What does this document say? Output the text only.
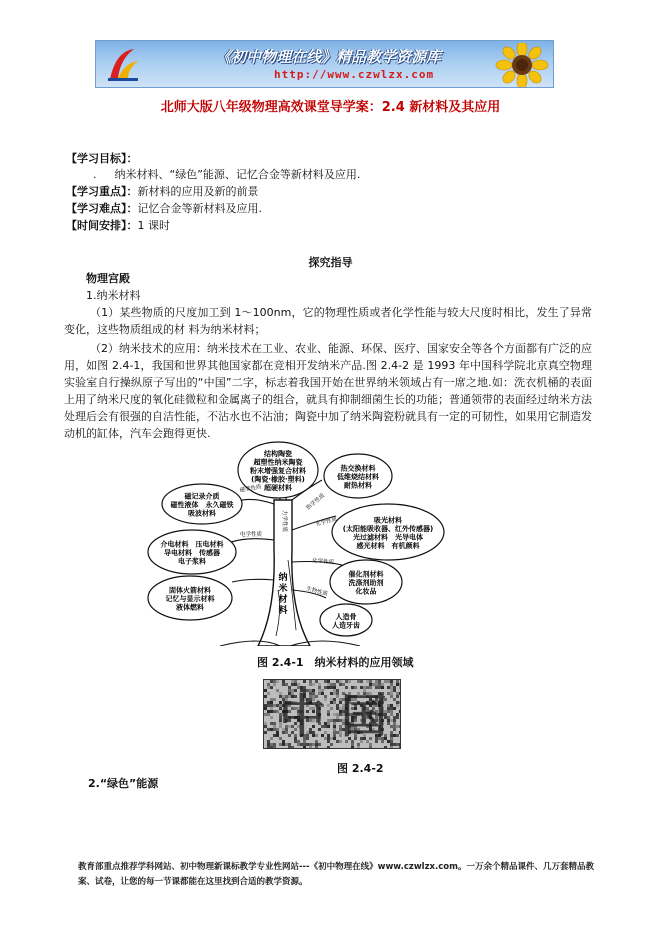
《初中物理在线》精品教学资源库
http://www.czwlzx.com
北师大版八年级物理高效课堂导学案：2.4 新材料及其应用
【学习目标】：
. 纳米材料、“绿色”能源、记忆合金等新材料及应用.
【学习重点】：新材料的应用及新的前景
【学习难点】：记忆合金等新材料及应用.
【时间安排】：1 课时
探究指导
物理宫殿
1.纳米材料
（1）某些物质的尺度加工到 1～100nm，它的物理性质或者化学性能与较大尺度时相比，发生了异常变化，这些物质组成的材 料为纳米材料；
（2）纳米技术的应用：纳米技术在工业、农业、能源、环保、医疗、国家安全等各个方面都有广泛的应用，如图 2.4-1，我国和世界其他国家都在竞相开发纳米产品.图 2.4-2 是 1993 年中国科学院北京真空物理实验室自行操纵原子写出的“中国”二字，标志着我国开始在世界纳米领域占有一席之地.如：洗衣机桶的表面上用了纳米尺度的氧化硅微粒和金属离子的组合，就具有抑制细菌生长的功能；普通领带的表面经过纳米方法处理后会有很强的自洁性能，不沾水也不沾油；陶瓷中加了纳米陶瓷粉就具有一定的可韧性，如果用它制造发动机的缸体，汽车会跑得更快.
结构陶瓷
超塑性纳米陶瓷
粉末增强复合材料
(陶瓷·橡胶·塑料)
超硬材料
磁记录介质
磁性液体　永久磁铁
吸波材料
热交换材料
低维烧结材料
耐热材料
吸光材料
(太阳能吸收器、红外传感器)
光过滤材料　光导电体
感光材料　有机颜料
介电材料　压电材料
导电材料　传感器
电子浆料
催化剂材料
洗涤剂助剂
化妆品
固体火箭材料
记忆与显示材料
液体燃料
人造骨
人造牙齿
力学性质
磁学性质
热学性质
光学性质
电学性质
化学性质
生物性质
纳
米
材
料
图 2.4-1　纳米材料的应用领域
中 国
图 2.4-2
2.“绿色”能源
教育部重点推荐学科网站、初中物理新课标教学专业性网站---《初中物理在线》www.czwlzx.com。一万余个精品课件、几万套精品教案、试卷，让您的每一节课都能在这里找到合适的教学资源。
